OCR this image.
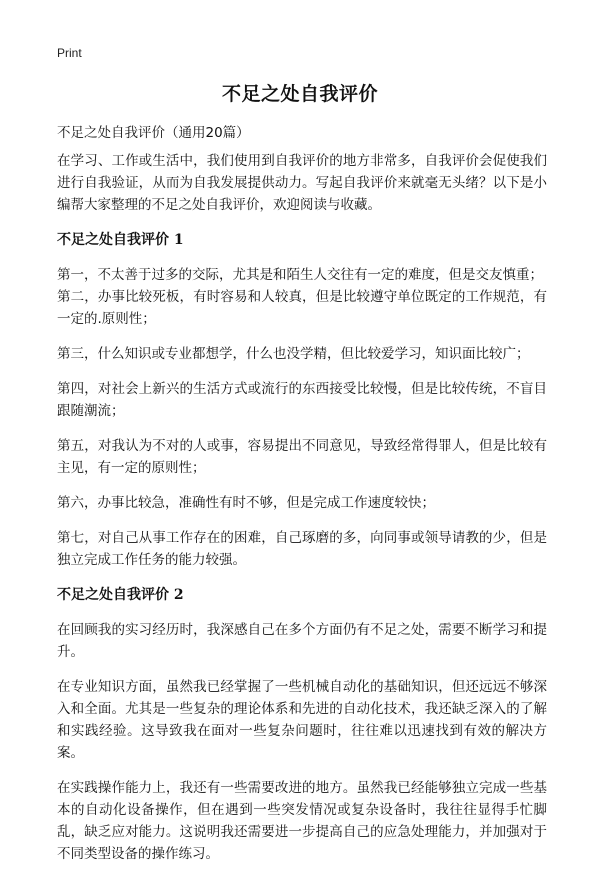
Print
不足之处自我评价
不足之处自我评价（通用20篇）

在学习、工作或生活中，我们使用到自我评价的地方非常多，自我评价会促使我们进行自我验证，从而为自我发展提供动力。写起自我评价来就毫无头绪？以下是小编帮大家整理的不足之处自我评价，欢迎阅读与收藏。

不足之处自我评价 1

第一，不太善于过多的交际，尤其是和陌生人交往有一定的难度，但是交友慎重；

第二，办事比较死板，有时容易和人较真，但是比较遵守单位既定的工作规范，有一定的.原则性；

第三，什么知识或专业都想学，什么也没学精，但比较爱学习，知识面比较广；

第四，对社会上新兴的生活方式或流行的东西接受比较慢，但是比较传统，不盲目跟随潮流；

第五，对我认为不对的人或事，容易提出不同意见，导致经常得罪人，但是比较有主见，有一定的原则性；

第六，办事比较急，准确性有时不够，但是完成工作速度较快；

第七，对自己从事工作存在的困难，自己琢磨的多，向同事或领导请教的少，但是独立完成工作任务的能力较强。

不足之处自我评价 2

在回顾我的实习经历时，我深感自己在多个方面仍有不足之处，需要不断学习和提升。

在专业知识方面，虽然我已经掌握了一些机械自动化的基础知识，但还远远不够深入和全面。尤其是一些复杂的理论体系和先进的自动化技术，我还缺乏深入的了解和实践经验。这导致我在面对一些复杂问题时，往往难以迅速找到有效的解决方案。

在实践操作能力上，我还有一些需要改进的地方。虽然我已经能够独立完成一些基本的自动化设备操作，但在遇到一些突发情况或复杂设备时，我往往显得手忙脚乱，缺乏应对能力。这说明我还需要进一步提高自己的应急处理能力，并加强对于不同类型设备的操作练习。
